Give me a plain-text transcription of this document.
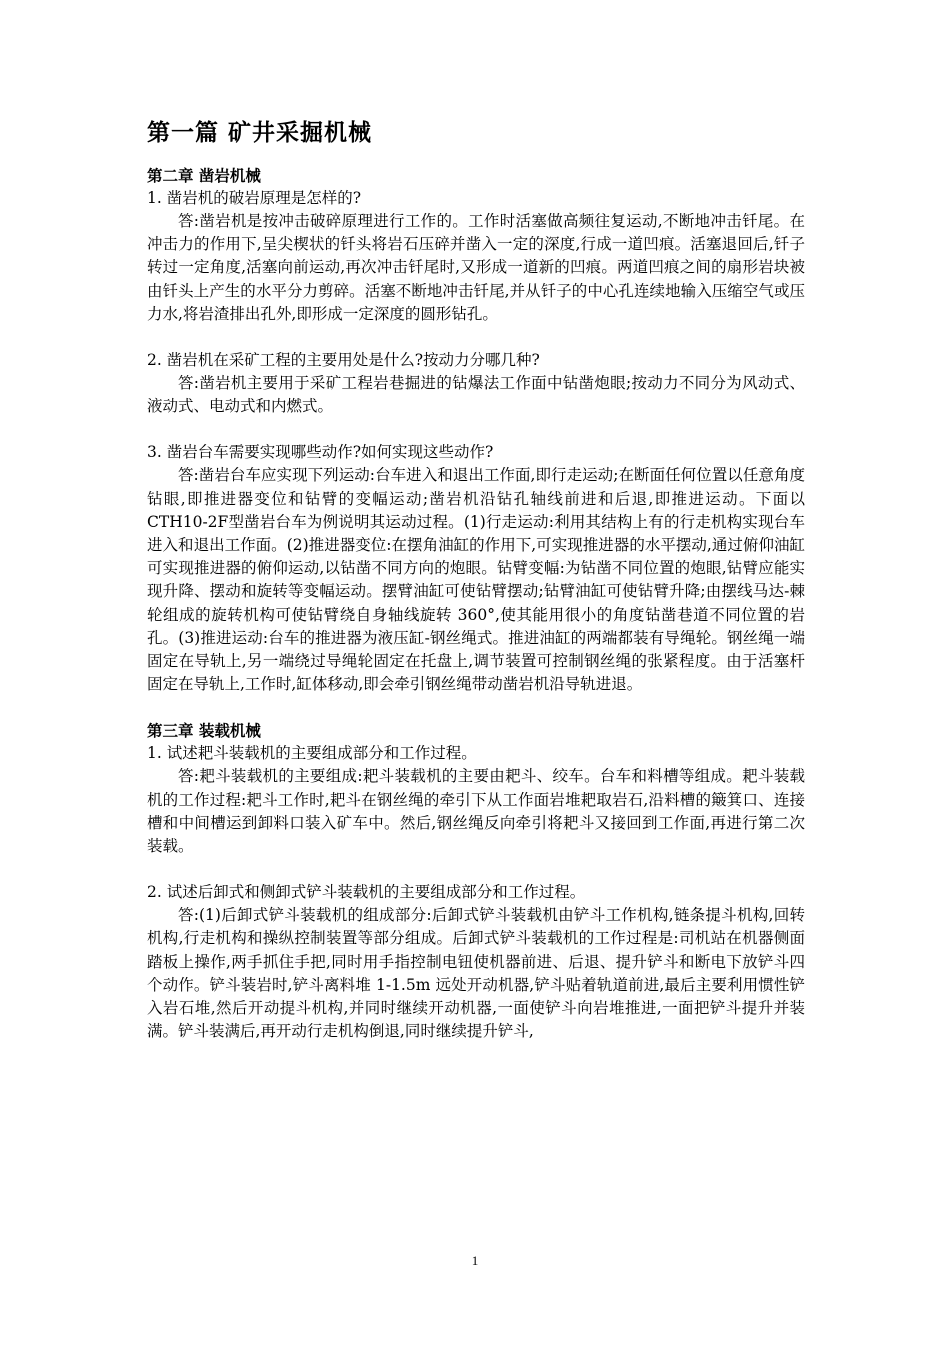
第一篇 矿井采掘机械
第二章 凿岩机械

1. 凿岩机的破岩原理是怎样的?

答:凿岩机是按冲击破碎原理进行工作的。工作时活塞做高频往复运动,不断地冲击钎尾。在冲击力的作用下,呈尖楔状的钎头将岩石压碎并凿入一定的深度,行成一道凹痕。活塞退回后,钎子转过一定角度,活塞向前运动,再次冲击钎尾时,又形成一道新的凹痕。两道凹痕之间的扇形岩块被由钎头上产生的水平分力剪碎。活塞不断地冲击钎尾,并从钎子的中心孔连续地输入压缩空气或压力水,将岩渣排出孔外,即形成一定深度的圆形钻孔。

2. 凿岩机在采矿工程的主要用处是什么?按动力分哪几种?

答:凿岩机主要用于采矿工程岩巷掘进的钻爆法工作面中钻凿炮眼;按动力不同分为风动式、液动式、电动式和内燃式。

3. 凿岩台车需要实现哪些动作?如何实现这些动作?

答:凿岩台车应实现下列运动:台车进入和退出工作面,即行走运动;在断面任何位置以任意角度钻眼,即推进器变位和钻臂的变幅运动;凿岩机沿钻孔轴线前进和后退,即推进运动。下面以CTH10-2F型凿岩台车为例说明其运动过程。(1)行走运动:利用其结构上有的行走机构实现台车进入和退出工作面。(2)推进器变位:在摆角油缸的作用下,可实现推进器的水平摆动,通过俯仰油缸可实现推进器的俯仰运动,以钻凿不同方向的炮眼。钻臂变幅:为钻凿不同位置的炮眼,钻臂应能实现升降、摆动和旋转等变幅运动。摆臂油缸可使钻臂摆动;钻臂油缸可使钻臂升降;由摆线马达-棘轮组成的旋转机构可使钻臂绕自身轴线旋转 360°,使其能用很小的角度钻凿巷道不同位置的岩孔。(3)推进运动:台车的推进器为液压缸-钢丝绳式。推进油缸的两端都装有导绳轮。钢丝绳一端固定在导轨上,另一端绕过导绳轮固定在托盘上,调节装置可控制钢丝绳的张紧程度。由于活塞杆固定在导轨上,工作时,缸体移动,即会牵引钢丝绳带动凿岩机沿导轨进退。

第三章 装载机械

1. 试述耙斗装载机的主要组成部分和工作过程。

答:耙斗装载机的主要组成:耙斗装载机的主要由耙斗、绞车。台车和料槽等组成。耙斗装载机的工作过程:耙斗工作时,耙斗在钢丝绳的牵引下从工作面岩堆耙取岩石,沿料槽的簸箕口、连接槽和中间槽运到卸料口装入矿车中。然后,钢丝绳反向牵引将耙斗又接回到工作面,再进行第二次装载。

2. 试述后卸式和侧卸式铲斗装载机的主要组成部分和工作过程。

答:(1)后卸式铲斗装载机的组成部分:后卸式铲斗装载机由铲斗工作机构,链条提斗机构,回转机构,行走机构和操纵控制装置等部分组成。后卸式铲斗装载机的工作过程是:司机站在机器侧面踏板上操作,两手抓住手把,同时用手指控制电钮使机器前进、后退、提升铲斗和断电下放铲斗四个动作。铲斗装岩时,铲斗离料堆 1-1.5m 远处开动机器,铲斗贴着轨道前进,最后主要利用惯性铲入岩石堆,然后开动提斗机构,并同时继续开动机器,一面使铲斗向岩堆推进,一面把铲斗提升并装满。铲斗装满后,再开动行走机构倒退,同时继续提升铲斗,

1
